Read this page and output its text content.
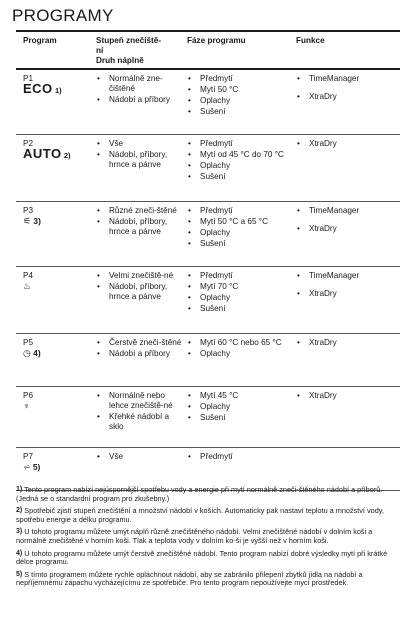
PROGRAMY
Program	Stupeň znečiště-
ní
Druh náplně
Fáze programu	Funkce
P1
ECO 1)
• Normálně zne-čištěné
• Nádobí a příbory
• Předmytí
• Mytí 50 °C
• Oplachy
• Sušení
• TimeManager
• XtraDry
P2
AUTO 2)
• Vše
• Nádobí, příbory, hrnce a pánve
• Předmytí
• Mytí od 45 °C do 70 °C
• Oplachy
• Sušení
• XtraDry
P3
⚟ 3)
• Různé zneči-štěné
• Nádobí, příbory, hrnce a pánve
• Předmytí
• Mytí 50 °C a 65 °C
• Oplachy
• Sušení
• TimeManager
• XtraDry
P4
♨
• Velmi znečiště-né
• Nádobí, příbory, hrnce a pánve
• Předmytí
• Mytí 70 °C
• Oplachy
• Sušení
• TimeManager
• XtraDry
P5
◷ 4)
• Čerstvě zneči-štěné
• Nádobí a příbory
• Mytí 60 °C nebo 65 °C
• Oplachy
• XtraDry
P6
♆
• Normálně nebo lehce znečiště-né
• Křehké nádobí a sklo
• Mytí 45 °C
• Oplachy
• Sušení
• XtraDry
P7
⩫ 5)
• Vše
•	Předmytí
1) Tento program nabízí nejúspornější spotřebu vody a energie při mytí normálně zneči-štěného nádobí a příborů. (Jedná se o standardní program pro zkušebny.)
2) Spotřebič zjistí stupeň znečištění a množství nádobí v koších. Automaticky pak nastaví teplotu a množství vody, spotřebu energie a délku programu.
3) U tohoto programu můžete umýt náplň různě znečištěného nádobí. Velmi znečištěné nádobí v dolním koši a normálně znečištěné v horním koši. Tlak a teplota vody v dolním ko-ši je vyšší než v horním koši.
4) U tohoto programu můžete umýt čerstvě znečištěné nádobí. Tento program nabízí dobré výsledky mytí při krátké délce programu.
5) S tímto programem můžete rychle opláchnout nádobí, aby se zabránilo přilepení zbytků jídla na nádobí a nepříjemnému zápachu vycházejícímu ze spotřebiče. Pro tento program nepoužívejte mycí prostředek.
